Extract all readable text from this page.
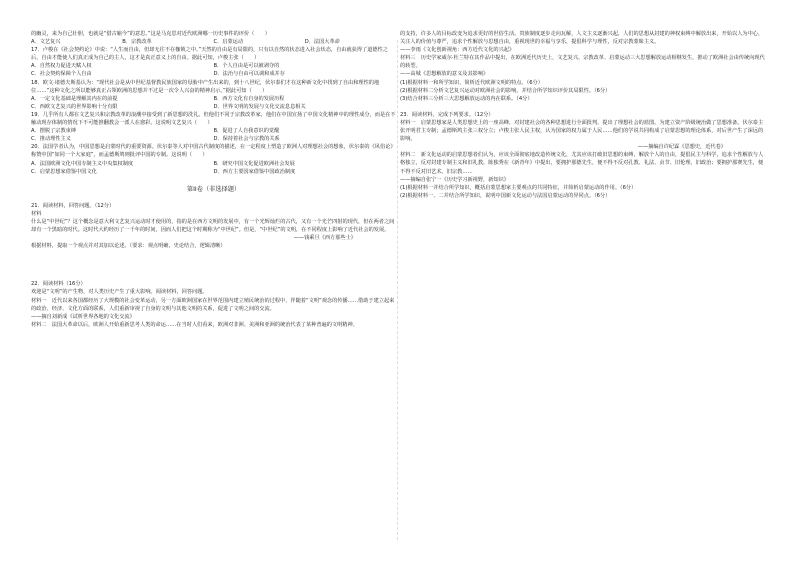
的幽灵，来为自己壮胆，也就是“借古喻今”的意思。”这是马克思对近代欧洲哪一历史事件的评价（　　）

A．文艺复兴	B．宗教改革	C．启蒙运动	D．法国大革命

17．卢梭在《社会契约论》中说：“人生而自由，但却无往不在枷锁之中。”天然的自由是有局限的，只有以自然的状态进入社会状态，自由就获得了道德性之后，自由才能使人们真正成为自己的主人，这才是真正意义上的自由。据此可知，卢梭主张（　　）

A．自然权力促进天赋人权	B．个人自由是可以被剥夺的
C．社会契约保障个人自由	D．法治与自由可以调和成并存

18．欧文·诸德夫斯基认为：“现代社会是从中世纪基督教民族国家的母胎中产生出来的，到十八世纪，伏尔泰们才在这种新文化中找到了自由和理性的地位……”这种文化之所以能够真正占领欧洲的思想并不过是一次令人兴奋的精神启示。”据此可知（　　）

A．一定文化基础是理解其内在的前提	B．西方文化有自身的发展历程
C．西欧文艺复兴的世界影响十分有限	D．世界文明的发展与文化交流息息相关

19．几乎所有人都在文艺复兴和宗教改革的浪潮中接受到了新思想的洗礼。但他们不同于宗教改革家，他们在中国宣扬了中国文化精神中的理性成分，而是在不触动现存体制的情况下不可能推翻教会一派人在愈彩。这说明文艺复兴（　　）

A．摆脱了宗教束缚	B．促进了人自我意识的觉醒
C．推动理性主义	D．保持着社会与宗教的关系

20．法国学者认为，中国思想是启蒙时代的重要资源。伏尔泰等人对中国古代制度的描述，在一定程度上塑造了欧洲人对理想社会的想象，伏尔泰的《风俗论》称赞中国“如同一个大家庭”，而孟德斯鸠则批评中国的专制。这说明（　　）

A．法国欧洲文化中国专制主义中央集权制度	B．研究中国文化促进欧洲社会发展
C．启蒙思想家借鉴中国文化	D．西方主要国家借鉴中国政治制度
第II卷（非选择题）

21．阅读材料，回答问题。（12分）

材料

什么是“中世纪”？这个概念是意大利文艺复兴运动时才使用的，指的是在西方文明的发展中，有一个光辉灿烂的古代，又有一个光芒四射的现代，但在两者之间却有一个黑暗的时代。这时代大约经历了一千年的时间，因而人们把这个时期称为“中世纪”。但是，“中世纪”的文明，在不同程度上影响了近代社会的发展。

——钱乘旦《西方那些士》

根据材料，提取一个观点并对其加以论述。（要求：观点明确，史论结合，逻辑清晰）

22．阅读材料（16分）

欢迎是“文明”的产生物，对人类历史产生了重大影响。阅读材料，回答问题。

材料一　近代以来各国都经历了大规模的社会变革运动，另一方面欧洲国家在世界范围内建立殖民统治的过程中，伴随着“文明”观念的传播……借助于建立起来的政治、经济、文化方面的联系，人们重新审视了自身的文明与其他文明的关系，促进了文明之间的交流。

——摘自刘新成《试析世界各地的文化交流》

材料二　法国大革命以后，欧洲人开始重新思考人类的命运……在当时人们看来，欧洲对非洲、美洲和亚洲的统治代表了某种普遍的文明精神。

的支持，许多人的目标改变为追求更好的世俗生活。贵族制度逐步走向瓦解，人文主义逐渐兴起，人们的思想从封建的神权束缚中解放出来，开始以人为中心，关注人的价值与尊严，追求个性解放与思想自由，重视现世的幸福与享乐，提倡科学与理性，反对宗教蒙昧主义。

——李雨《文化创新视角：西方近代文化的兴起》

材料三　历史学家威尔·杜兰特在其作品中提出，在欧洲近代历史上，文艺复兴、宗教改革、启蒙运动三大思想解放运动相继发生，推动了欧洲社会由传统向现代的转型。

——高城《思想解放的意义及其影响》

(1)根据材料一和所学知识，简析近代欧洲文明的特点。（6分）

(2)根据材料二分析文艺复兴运动对欧洲社会的影响，并结合所学知识评价其局限性。（6分）

(3)结合材料三分析三大思想解放运动的内在联系。（4分）

23．阅读材料，完成下列要求。（12分）

材料一　启蒙思想家是人类思想史上的一座高峰，对封建社会的各种思想进行全面批判，提出了理想社会的蓝图。为建立资产阶级统治做了思想准备。伏尔泰主张开明君主专制；孟德斯鸠主张三权分立；卢梭主张人民主权，认为国家的权力属于人民……他们的学说共同构成了启蒙思想的理论体系，对后世产生了深远的影响。

——摘编自许纪霖《思想史，近代卷》

材料二　新文化运动的启蒙思想者们认为，应该全面彻底地改造传统文化，尤其应该打破旧思想的束缚，解放个人的自由，提倡民主与科学，追求个性解放与人格独立，反对封建专制主义和旧礼教。陈独秀在《新青年》中提出，要拥护那德先生，便不得不反对孔教、礼法、贞节、旧伦理、旧政治；要拥护那赛先生，便不得不反对旧艺术、旧宗教……

——摘编自张宁一《历史学习新视野，新知识》

(1)根据材料一并结合所学知识，概括启蒙思想家主要观点的共同特征，并简析启蒙运动的作用。（6分）

(2)根据材料一、二并结合所学知识，说明中国新文化运动与法国启蒙运动的异同点。（6分）
